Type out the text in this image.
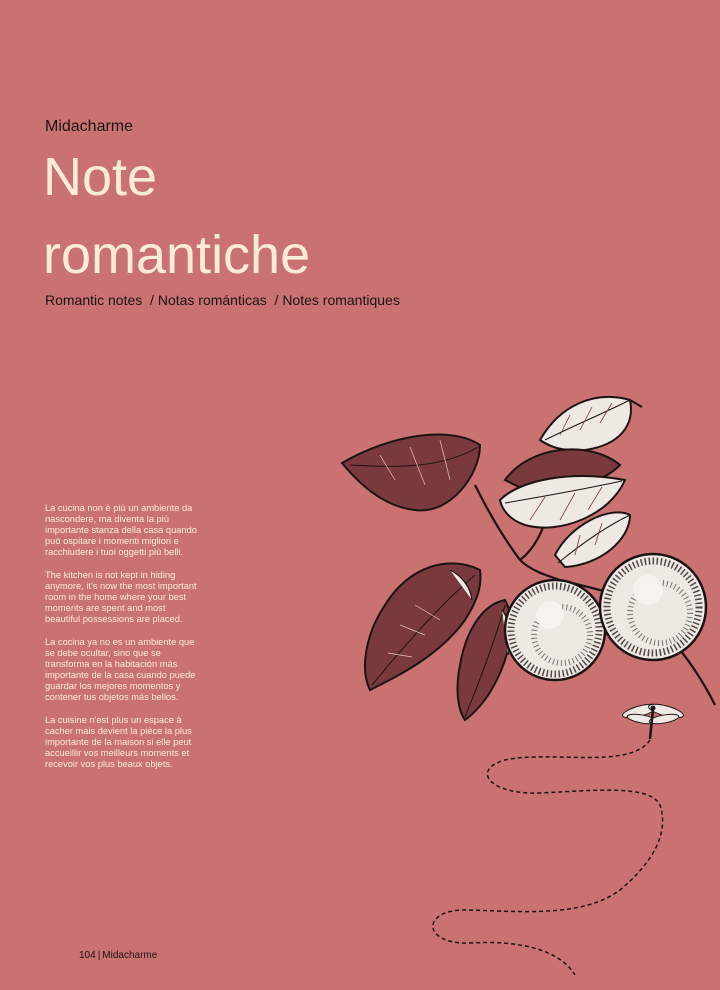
Midacharme
Note
romantiche
Romantic notes  / Notas románticas  / Notes romantiques

La cucina non è più un ambiente da nascondere, ma diventa la più importante stanza della casa quando può ospitare i momenti migliori e racchiudere i tuoi oggetti più belli.

The kitchen is not kept in hiding anymore, it's now the most important room in the home where your best moments are spent and most beautiful possessions are placed.

La cocina ya no es un ambiente que se debe ocultar, sino que se transforma en la habitación más importante de la casa cuando puede guardar los mejores momentos y contener tus objetos más bellos.

La cuisine n'est plus un espace à cacher mais devient la pièce la plus importante de la maison si elle peut accueillir vos meilleurs moments et recevoir vos plus beaux objets.

104 | Midacharme
